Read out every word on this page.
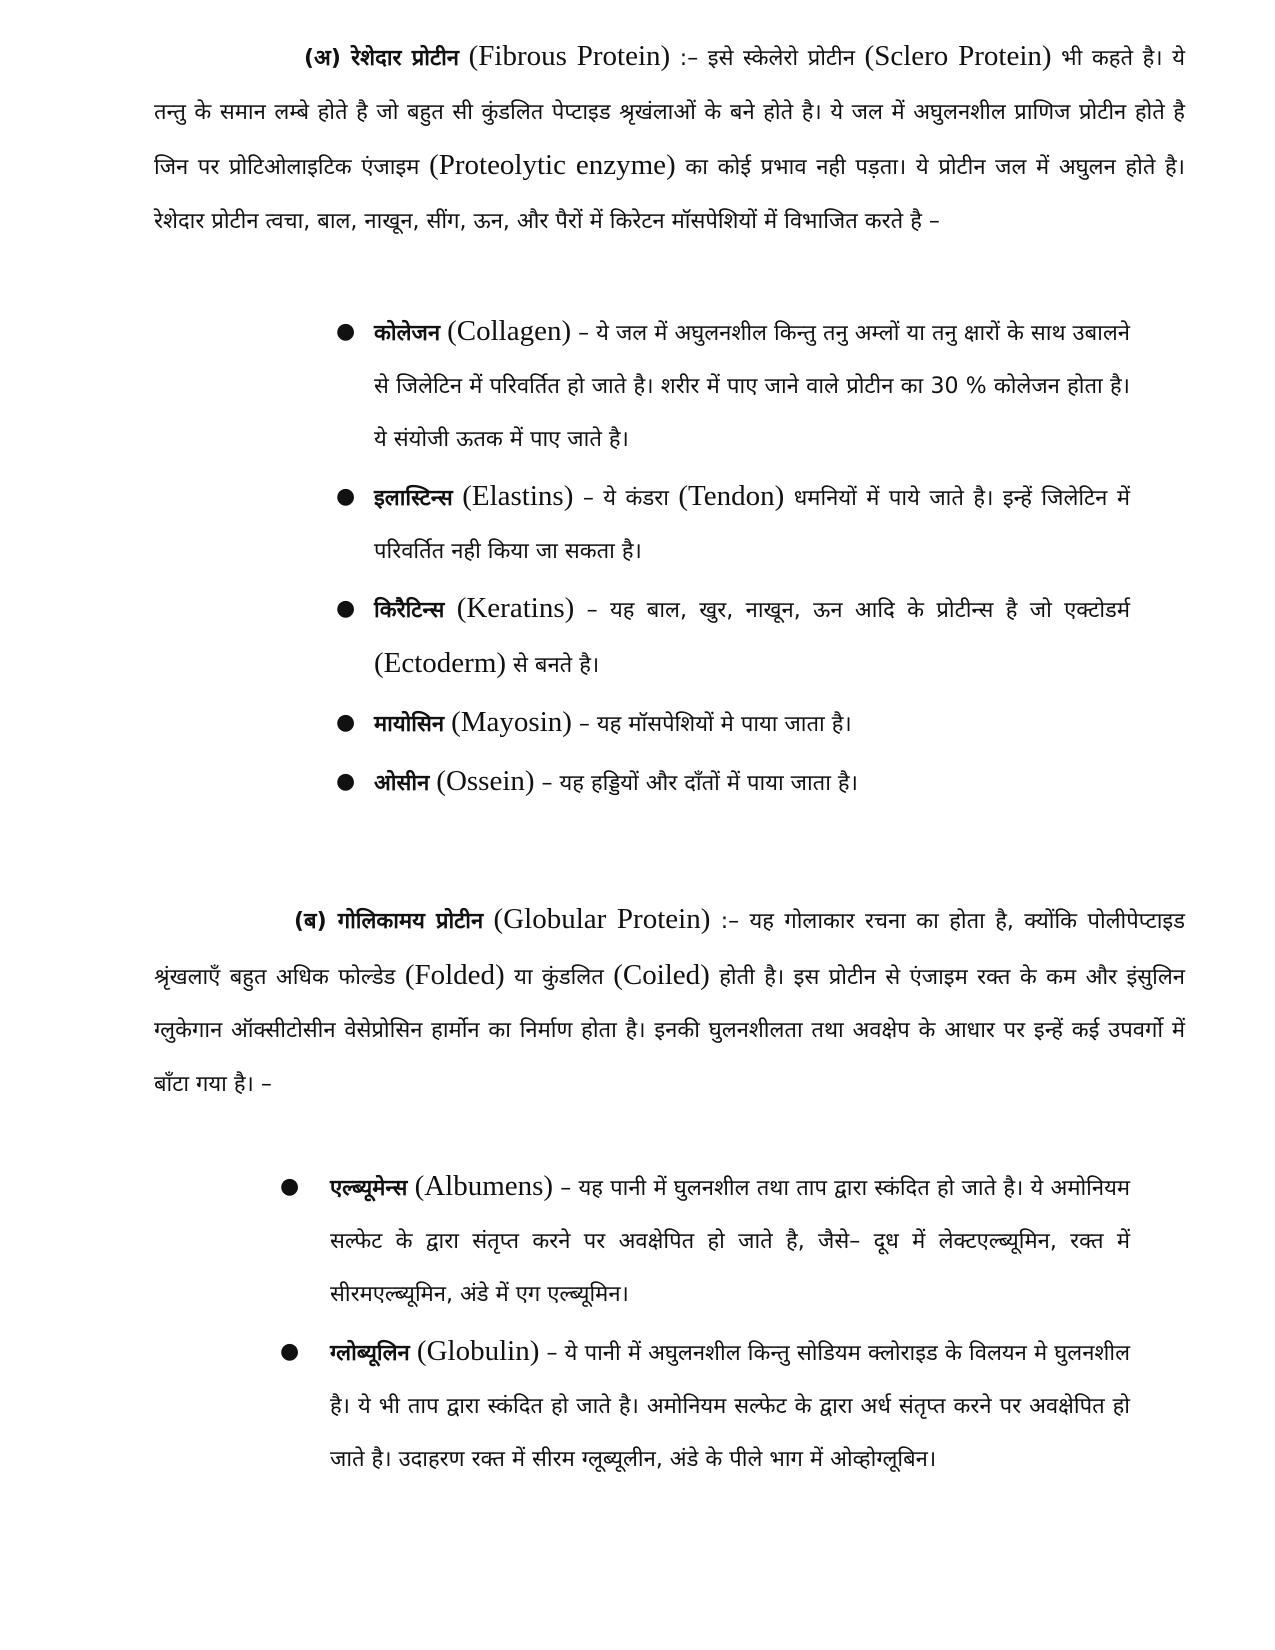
(अ) रेशेदार प्रोटीन (Fibrous Protein) :– इसे स्केलेरो प्रोटीन (Sclero Protein) भी कहते है। ये तन्तु के समान लम्बे होते है जो बहुत सी कुंडलित पेप्टाइड श्रृखंलाओं के बने होते है। ये जल में अघुलनशील प्राणिज प्रोटीन होते है जिन पर प्रोटिओलाइटिक एंजाइम (Proteolytic enzyme) का कोई प्रभाव नही पड़ता। ये प्रोटीन जल में अघुलन होते है। रेशेदार प्रोटीन त्वचा, बाल, नाखून, सींग, ऊन, और पैरों में किरेटन मॉसपेशियों में विभाजित करते है –

● कोलेजन (Collagen) – ये जल में अघुलनशील किन्तु तनु अम्लों या तनु क्षारों के साथ उबालने से जिलेटिन में परिवर्तित हो जाते है। शरीर में पाए जाने वाले प्रोटीन का 30 % कोलेजन होता है। ये संयोजी ऊतक में पाए जाते है।
● इलास्टिन्स (Elastins) – ये कंडरा (Tendon) धमनियों में पाये जाते है। इन्हें जिलेटिन में परिवर्तित नही किया जा सकता है।
● किरैटिन्स (Keratins) – यह बाल, खुर, नाखून, ऊन आदि के प्रोटीन्स है जो एक्टोडर्म (Ectoderm) से बनते है।
● मायोसिन (Mayosin) – यह मॉसपेशियों मे पाया जाता है।
● ओसीन (Ossein) – यह हड्डियों और दाँतों में पाया जाता है।

(ब) गोलिकामय प्रोटीन (Globular Protein) :– यह गोलाकार रचना का होता है, क्योंकि पोलीपेप्टाइड श्रृंखलाएँ बहुत अधिक फोल्डेड (Folded) या कुंडलित (Coiled) होती है। इस प्रोटीन से एंजाइम रक्त के कम और इंसुलिन ग्लुकेगान ऑक्सीटोसीन वेसेप्रोसिन हार्मोन का निर्माण होता है। इनकी घुलनशीलता तथा अवक्षेप के आधार पर इन्हें कई उपवर्गो में बाँटा गया है। –

● एल्ब्यूमेन्स (Albumens) – यह पानी में घुलनशील तथा ताप द्वारा स्कंदित हो जाते है। ये अमोनियम सल्फेट के द्वारा संतृप्त करने पर अवक्षेपित हो जाते है, जैसे– दूध में लेक्टएल्ब्यूमिन, रक्त में सीरमएल्ब्यूमिन, अंडे में एग एल्ब्यूमिन।
● ग्लोब्यूलिन (Globulin) – ये पानी में अघुलनशील किन्तु सोडियम क्लोराइड के विलयन मे घुलनशील है। ये भी ताप द्वारा स्कंदित हो जाते है। अमोनियम सल्फेट के द्वारा अर्ध संतृप्त करने पर अवक्षेपित हो जाते है। उदाहरण रक्त में सीरम ग्लूब्यूलीन, अंडे के पीले भाग में ओव्होग्लूबिन।
